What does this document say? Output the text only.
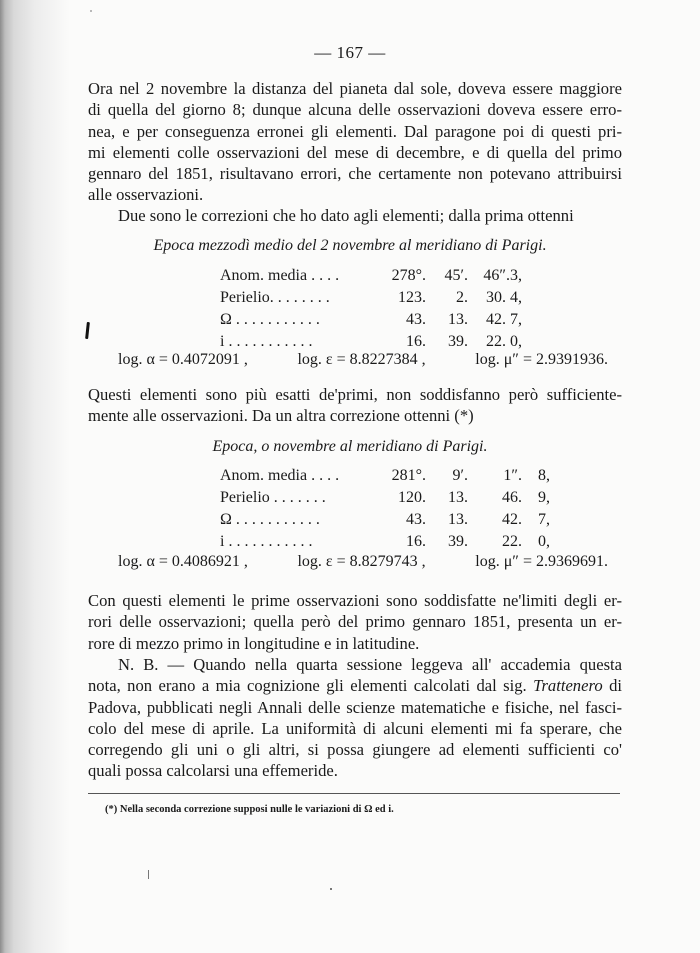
— 167 —
Ora nel 2 novembre la distanza del pianeta dal sole, doveva essere maggiore
di quella del giorno 8; dunque alcuna delle osservazioni doveva essere erro-
nea, e per conseguenza erronei gli elementi. Dal paragone poi di questi pri-
mi elementi colle osservazioni del mese di decembre, e di quella del primo
gennaro del 1851, risultavano errori, che certamente non potevano attribuirsi
alle osservazioni.
Due sono le correzioni che ho dato agli elementi; dalla prima ottenni
Epoca mezzodì medio del 2 novembre al meridiano di Parigi.
Anom. media . . . .	278°.	45′.	46″.3,	
Perielio. . . . . . . .	123.	2.	30. 4,	
Ω . . . . . . . . . . .	43.	13.	42. 7,	
i . . . . . . . . . . .	16.	39.	22. 0,	
log. α = 0.4072091 ,	log. ε = 8.8227384 ,	log. μ″ = 2.9391936.
Questi elementi sono più esatti de'primi, non soddisfanno però sufficiente-
mente alle osservazioni. Da un altra correzione ottenni (*)
Epoca, o novembre al meridiano di Parigi.
Anom. media . . . .	281°.	9′.	1″.	8,
Perielio . . . . . . .	120.	13.	46.	9,
Ω . . . . . . . . . . .	43.	13.	42.	7,
i . . . . . . . . . . .	16.	39.	22.	0,
log. α = 0.4086921 ,	log. ε = 8.8279743 ,	log. μ″ = 2.9369691.
Con questi elementi le prime osservazioni sono soddisfatte ne'limiti degli er-
rori delle osservazioni; quella però del primo gennaro 1851, presenta un er-
rore di mezzo primo in longitudine e in latitudine.
N. B. — Quando nella quarta sessione leggeva all' accademia questa
nota, non erano a mia cognizione gli elementi calcolati dal sig. Trattenero di
Padova, pubblicati negli Annali delle scienze matematiche e fisiche, nel fasci-
colo del mese di aprile. La uniformità di alcuni elementi mi fa sperare, che
corregendo gli uni o gli altri, si possa giungere ad elementi sufficienti co'
quali possa calcolarsi una effemeride.
(*) Nella seconda correzione supposi nulle le variazioni di Ω ed i.
